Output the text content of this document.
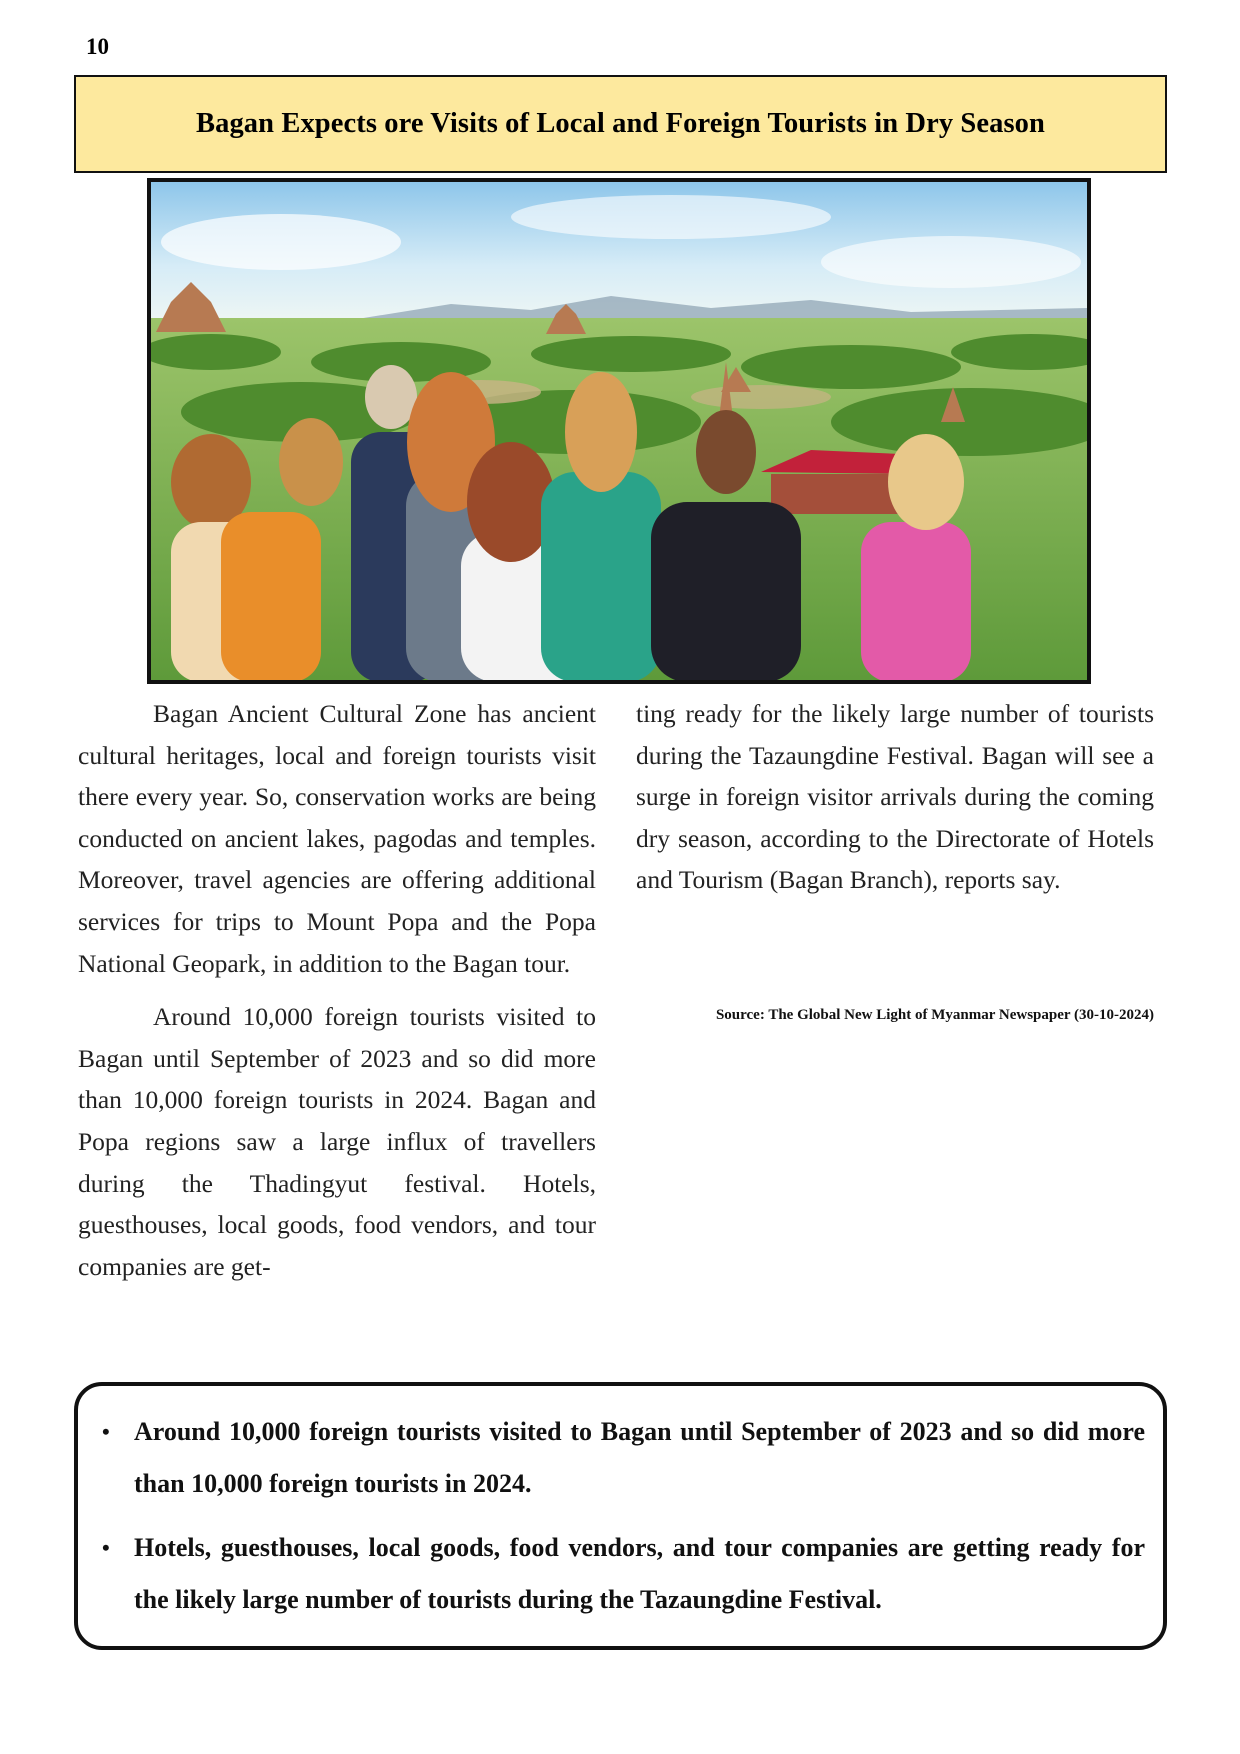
10
Bagan Expects ore Visits of Local and Foreign Tourists in Dry Season

Bagan Ancient Cultural Zone has ancient cultural heritages, local and foreign tourists visit there every year. So, conservation works are being conducted on ancient lakes, pagodas and temples. Moreover, travel agencies are offering additional services for trips to Mount Popa and the Popa National Geopark, in addition to the Bagan tour.

Around 10,000 foreign tourists visited to Bagan until September of 2023 and so did more than 10,000 foreign tourists in 2024. Bagan and Popa regions saw a large influx of travellers during the Thadingyut festival. Hotels, guesthouses, local goods, food vendors, and tour companies are get-

ting ready for the likely large number of tourists during the Tazaungdine Festival. Bagan will see a surge in foreign visitor arrivals during the coming dry season, according to the Directorate of Hotels and Tourism (Bagan Branch), reports say.

Source: The Global New Light of Myanmar Newspaper (30-10-2024)
• Around 10,000 foreign tourists visited to Bagan until September of 2023 and so did more than 10,000 foreign tourists in 2024.
• Hotels, guesthouses, local goods, food vendors, and tour companies are getting ready for the likely large number of tourists during the Tazaungdine Festival.
